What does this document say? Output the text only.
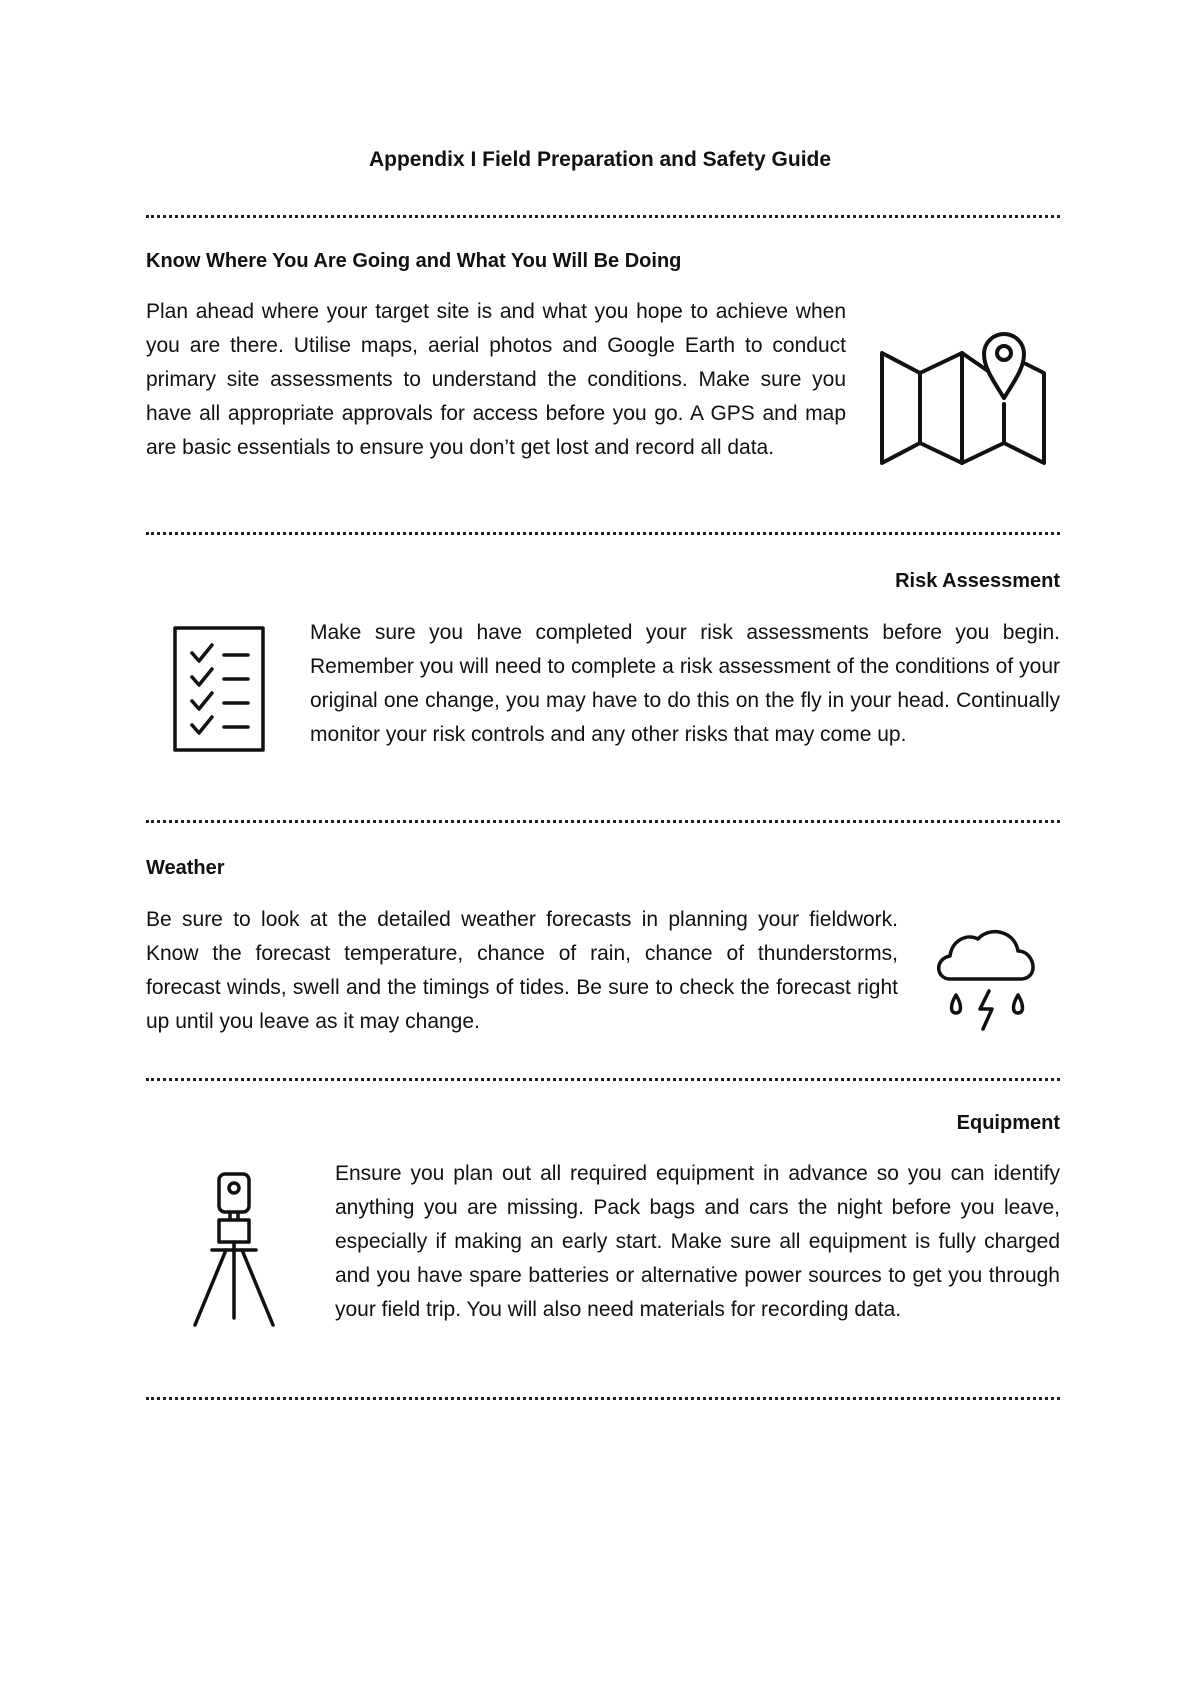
Appendix I Field Preparation and Safety Guide
Know Where You Are Going and What You Will Be Doing

Plan ahead where your target site is and what you hope to achieve when you are there. Utilise maps, aerial photos and Google Earth to conduct primary site assessments to understand the conditions. Make sure you have all appropriate approvals for access before you go. A GPS and map are basic essentials to ensure you don’t get lost and record all data.

Risk Assessment

Make sure you have completed your risk assessments before you begin. Remember you will need to complete a risk assessment of the conditions of your original one change, you may have to do this on the fly in your head. Continually monitor your risk controls and any other risks that may come up.

Weather

Be sure to look at the detailed weather forecasts in planning your fieldwork. Know the forecast temperature, chance of rain, chance of thunderstorms, forecast winds, swell and the timings of tides. Be sure to check the forecast right up until you leave as it may change.

Equipment

Ensure you plan out all required equipment in advance so you can identify anything you are missing. Pack bags and cars the night before you leave, especially if making an early start. Make sure all equipment is fully charged and you have spare batteries or alternative power sources to get you through your field trip. You will also need materials for recording data.
